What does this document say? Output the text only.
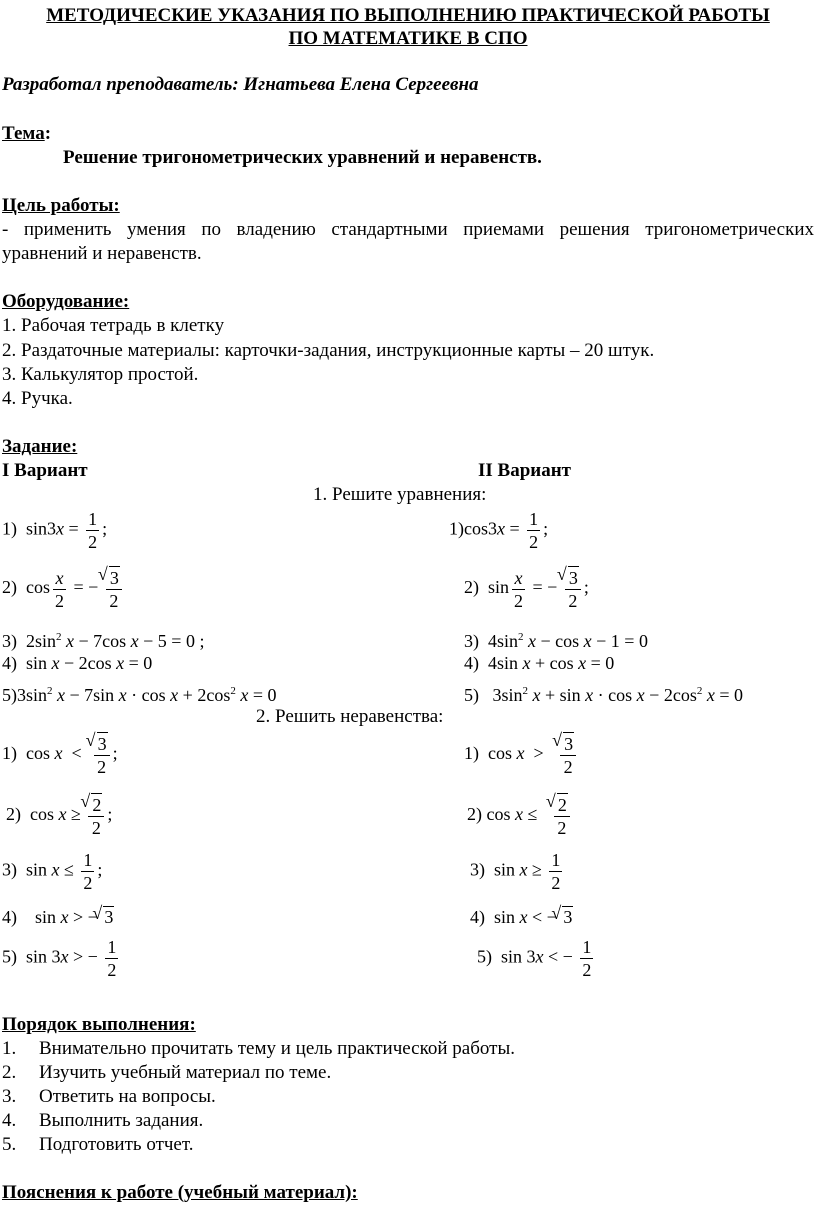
МЕТОДИЧЕСКИЕ УКАЗАНИЯ ПО ВЫПОЛНЕНИЮ ПРАКТИЧЕСКОЙ РАБОТЫ
ПО МАТЕМАТИКЕ В СПО
Разработал преподаватель: Игнатьева Елена Сергеевна
Тема:
Решение тригонометрических уравнений и неравенств.
Цель работы:
- применить умения по владению стандартными приемами решения тригонометрических
уравнений и неравенств.
Оборудование:
1. Рабочая тетрадь в клетку
2. Раздаточные материалы: карточки-задания, инструкционные карты – 20 штук.
3. Калькулятор простой.
4. Ручка.
Задание:
I Вариант	II Вариант
1. Решите уравнения:
1)  $\sin 3x = \frac{1}{2}$ ;
2)  $\cos \frac{x}{2}$ = − √ $\frac{3}{2}$
3)  $2\sin^2$ x − 7cos x − 5 = 0 ;
4)  sin x − 2cos x = 0
$5)3\sin^2$ x − 7sin $x \cdot \cos x + 2\cos^2$ x = 0
$1)\cos 3x = \frac{1}{2}$ ;
2)  $\sin \frac{x}{2}$ = − √ $\frac{3}{2}$ ;
3)  $4\sin^2$ x − cos x − 1 = 0
4)  4sin x + cos x = 0
5)   $3\sin^2$ $x + \sin x \cdot \cos x - 2\cos^2$ x = 0
2. Решить неравенства:
1)  cos x  < √ $\frac{3}{2}$ ;
2)  cos x ≥ √ $\frac{2}{2}$ ;
3)  $\sin x \le \frac{1}{2}$ ;
4)    sin x > − √ 3
5)  sin 3x > − $\frac{1}{2}$
1)  cos x  > √ $\frac{3}{2}$
2) cos x ≤ √ $\frac{2}{2}$
3)  $\sin x \ge \frac{1}{2}$
4)  sin x < − √ 3
5)  sin 3x < − $\frac{1}{2}$
Порядок выполнения:
1. Внимательно прочитать тему и цель практической работы.
2. Изучить учебный материал по теме.
3. Ответить на вопросы.
4. Выполнить задания.
5. Подготовить отчет.
Пояснения к работе (учебный материал):
